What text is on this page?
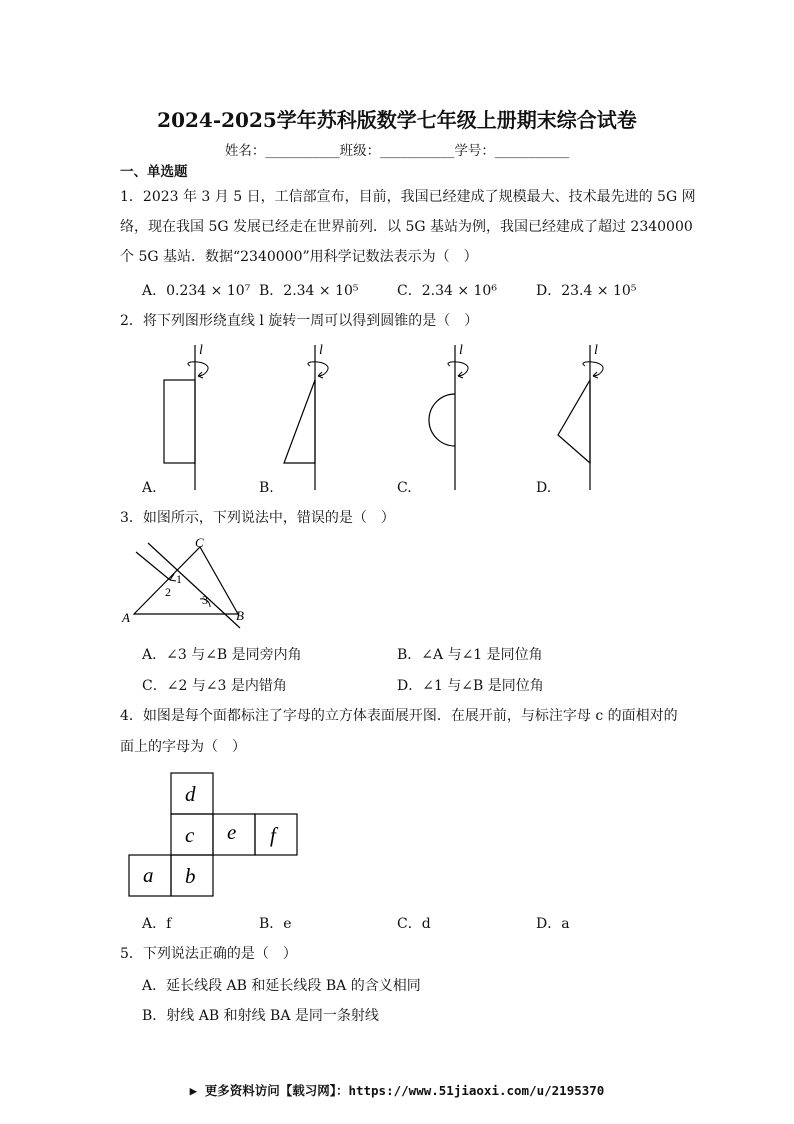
2024-2025学年苏科版数学七年级上册期末综合试卷
姓名：___________班级：___________学号：___________
一、单选题
1．2023 年 3 月 5 日，工信部宣布，目前，我国已经建成了规模最大、技术最先进的 5G 网
络，现在我国 5G 发展已经走在世界前列．以 5G 基站为例，我国已经建成了超过 2340000
个 5G 基站．数据“2340000”用科学记数法表示为（　）
A．0.234 × 10⁷ B．2.34 × 10⁵	C．2.34 × 10⁶	D．23.4 × 10⁵
2．将下列图形绕直线 l 旋转一周可以得到圆锥的是（　）
l	l	l	l
A.	B.	C.	D.
3．如图所示，下列说法中，错误的是（　）
C
A	B
1
2
3
A．∠3 与∠B 是同旁内角	B．∠A 与∠1 是同位角
C．∠2 与∠3 是内错角	D．∠1 与∠B 是同位角
4．如图是每个面都标注了字母的立方体表面展开图．在展开前，与标注字母 c 的面相对的
面上的字母为（　）
d
c e f
a b
A．f	B．e	C．d	D．a
5．下列说法正确的是（　）
A．延长线段 AB 和延长线段 BA 的含义相同
B．射线 AB 和射线 BA 是同一条射线
▶ 更多资料访问【载习网】：https://www.51jiaoxi.com/u/2195370
